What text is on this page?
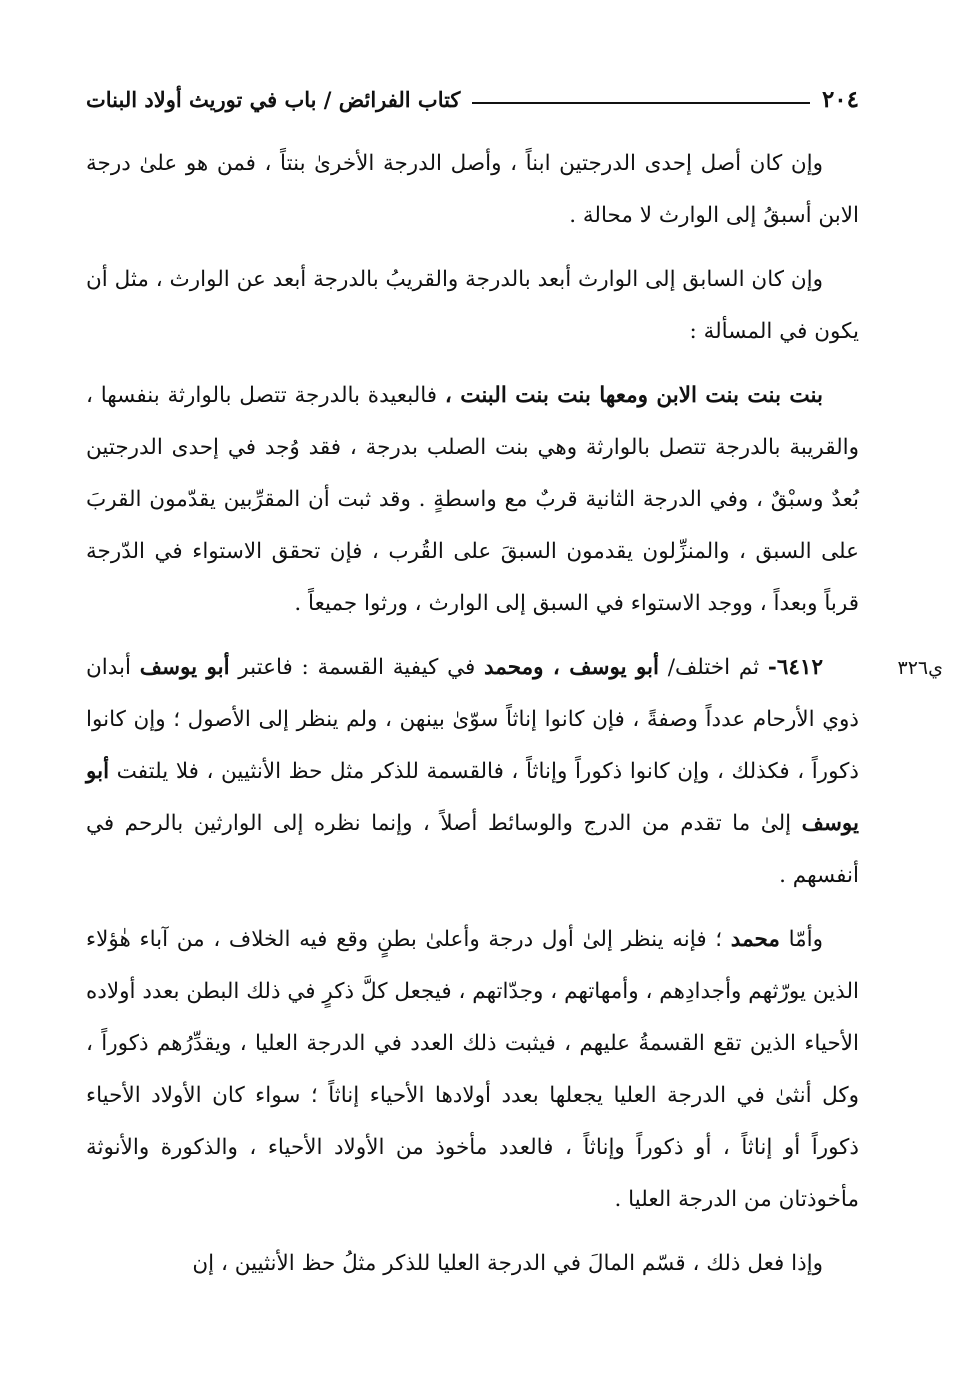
٢٠٤
كتاب الفرائض / باب في توريث أولاد البنات

وإن كان أصل إحدى الدرجتين ابناً ، وأصل الدرجة الأخرىٰ بنتاً ، فمن هو علىٰ درجة الابن أسبقُ إلى الوارث لا محالة .

وإن كان السابق إلى الوارث أبعد بالدرجة والقريبُ بالدرجة أبعد عن الوارث ، مثل أن يكون في المسألة :

بنت بنت بنت الابن ومعها بنت بنت البنت ، فالبعيدة بالدرجة تتصل بالوارثة بنفسها ، والقريبة بالدرجة تتصل بالوارثة وهي بنت الصلب بدرجة ، فقد وُجد في إحدى الدرجتين بُعدٌ وسبْقٌ ، وفي الدرجة الثانية قربٌ مع واسطةٍ . وقد ثبت أن المقرِّبين يقدّمون القربَ على السبق ، والمنزِّلون يقدمون السبقَ على القُرب ، فإن تحقق الاستواء في الدّرجة قرباً وبعداً ، ووجد الاستواء في السبق إلى الوارث ، ورثوا جميعاً .

ي٣٢٦

٦٤١٢- ثم اختلف/ أبو يوسف ، ومحمد في كيفية القسمة : فاعتبر أبو يوسف أبدان ذوي الأرحام عدداً وصفةً ، فإن كانوا إناثاً سوّىٰ بينهن ، ولم ينظر إلى الأصول ؛ وإن كانوا ذكوراً ، فكذلك ، وإن كانوا ذكوراً وإناثاً ، فالقسمة للذكر مثل حظ الأنثيين ، فلا يلتفت أبو يوسف إلىٰ ما تقدم من الدرج والوسائط أصلاً ، وإنما نظره إلى الوارثين بالرحم في أنفسهم .

وأمّا محمد ؛ فإنه ينظر إلىٰ أول درجة وأعلىٰ بطنٍ وقع فيه الخلاف ، من آباء هٰؤلاء الذين يورّثهم وأجدادِهم ، وأمهاتهم ، وجدّاتهم ، فيجعل كلَّ ذكرٍ في ذلك البطن بعدد أولاده الأحياء الذين تقع القسمةُ عليهم ، فيثبت ذلك العدد في الدرجة العليا ، ويقدِّرُهم ذكوراً ، وكل أنثىٰ في الدرجة العليا يجعلها بعدد أولادها الأحياء إناثاً ؛ سواء كان الأولاد الأحياء ذكوراً أو إناثاً ، أو ذكوراً وإناثاً ، فالعدد مأخوذ من الأولاد الأحياء ، والذكورة والأنوثة مأخوذتان من الدرجة العليا .

وإذا فعل ذلك ، قسّم المالَ في الدرجة العليا للذكر مثلُ حظ الأنثيين ، إن
